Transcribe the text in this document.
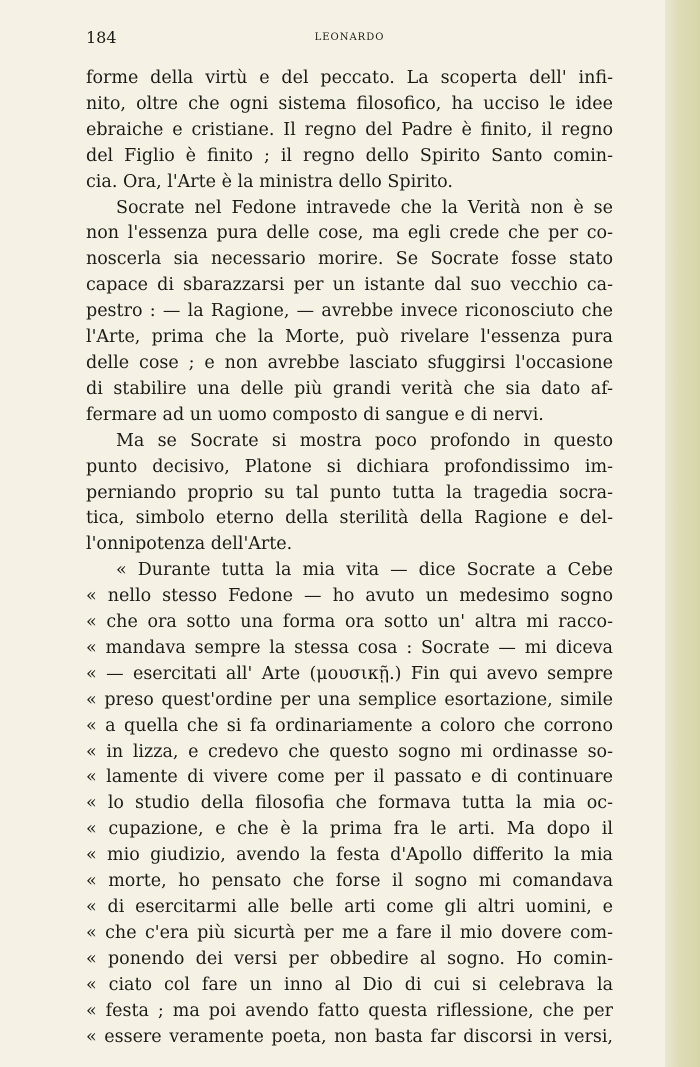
184	LEONARDO
forme della virtù e del peccato. La scoperta dell' infi-
nito, oltre che ogni sistema filosofico, ha ucciso le idee
ebraiche e cristiane. Il regno del Padre è finito, il regno
del Figlio è finito ; il regno dello Spirito Santo comin-
cia. Ora, l'Arte è la ministra dello Spirito.
Socrate nel Fedone intravede che la Verità non è se
non l'essenza pura delle cose, ma egli crede che per co-
noscerla sia necessario morire. Se Socrate fosse stato
capace di sbarazzarsi per un istante dal suo vecchio ca-
pestro : — la Ragione, — avrebbe invece riconosciuto che
l'Arte, prima che la Morte, può rivelare l'essenza pura
delle cose ; e non avrebbe lasciato sfuggirsi l'occasione
di stabilire una delle più grandi verità che sia dato af-
fermare ad un uomo composto di sangue e di nervi.
Ma se Socrate si mostra poco profondo in questo
punto decisivo, Platone si dichiara profondissimo im-
perniando proprio su tal punto tutta la tragedia socra-
tica, simbolo eterno della sterilità della Ragione e del-
l'onnipotenza dell'Arte.
« Durante tutta la mia vita — dice Socrate a Cebe
« nello stesso Fedone — ho avuto un medesimo sogno
« che ora sotto una forma ora sotto un' altra mi racco-
« mandava sempre la stessa cosa : Socrate — mi diceva
« — esercitati all' Arte (μουσικῇ.) Fin qui avevo sempre
« preso quest'ordine per una semplice esortazione, simile
« a quella che si fa ordinariamente a coloro che corrono
« in lizza, e credevo che questo sogno mi ordinasse so-
« lamente di vivere come per il passato e di continuare
« lo studio della filosofia che formava tutta la mia oc-
« cupazione, e che è la prima fra le arti. Ma dopo il
« mio giudizio, avendo la festa d'Apollo differito la mia
« morte, ho pensato che forse il sogno mi comandava
« di esercitarmi alle belle arti come gli altri uomini, e
« che c'era più sicurtà per me a fare il mio dovere com-
« ponendo dei versi per obbedire al sogno. Ho comin-
« ciato col fare un inno al Dio di cui si celebrava la
« festa ; ma poi avendo fatto questa riflessione, che per
« essere veramente poeta, non basta far discorsi in versi,
